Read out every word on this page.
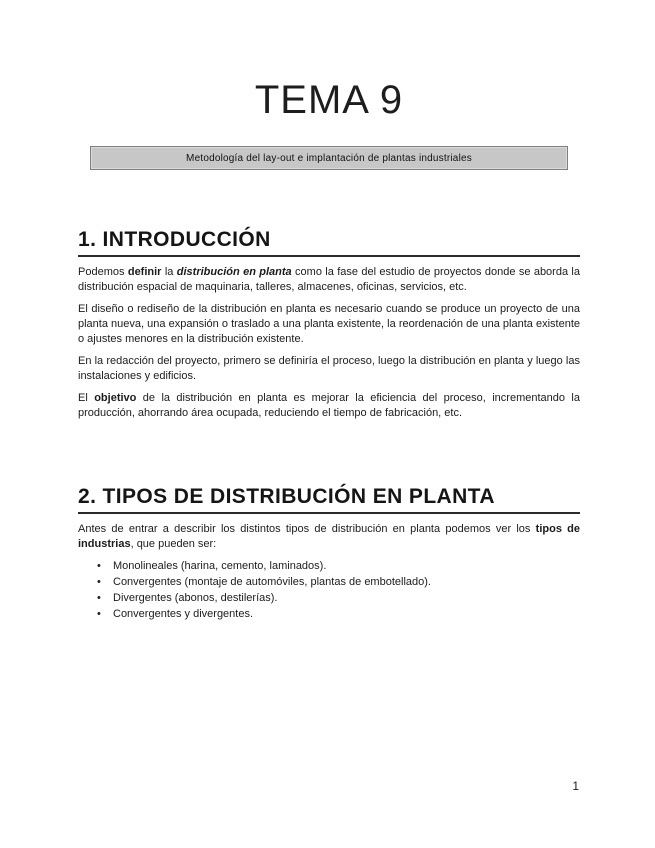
TEMA 9
Metodología del lay-out e implantación de plantas industriales
1. INTRODUCCIÓN

Podemos definir la distribución en planta como la fase del estudio de proyectos donde se aborda la distribución espacial de maquinaria, talleres, almacenes, oficinas, servicios, etc.

El diseño o rediseño de la distribución en planta es necesario cuando se produce un proyecto de una planta nueva, una expansión o traslado a una planta existente, la reordenación de una planta existente o ajustes menores en la distribución existente.

En la redacción del proyecto, primero se definiría el proceso, luego la distribución en planta y luego las instalaciones y edificios.

El objetivo de la distribución en planta es mejorar la eficiencia del proceso, incrementando la producción, ahorrando área ocupada, reduciendo el tiempo de fabricación, etc.

2. TIPOS DE DISTRIBUCIÓN EN PLANTA

Antes de entrar a describir los distintos tipos de distribución en planta podemos ver los tipos de industrias, que pueden ser:

• Monolineales (harina, cemento, laminados).
• Convergentes (montaje de automóviles, plantas de embotellado).
• Divergentes (abonos, destilerías).
• Convergentes y divergentes.
1
